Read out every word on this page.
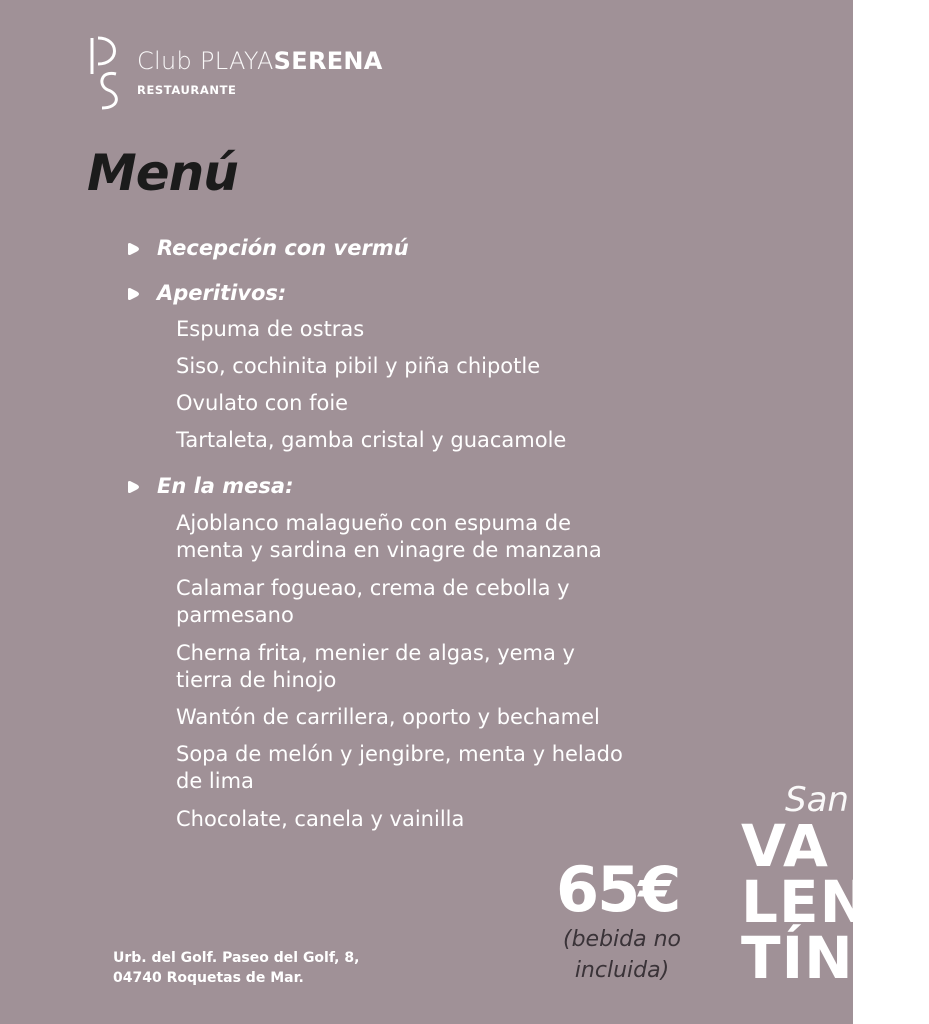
Club PLAYASERENA
RESTAURANTE
Menú
Recepción con vermú
Aperitivos:
Espuma de ostras
Siso, cochinita pibil y piña chipotle
Ovulato con foie
Tartaleta, gamba cristal y guacamole
En la mesa:
Ajoblanco malagueño con espuma de menta y sardina en vinagre de manzana
Calamar fogueao, crema de cebolla y parmesano
Cherna frita, menier de algas, yema y tierra de hinojo
Wantón de carrillera, oporto y bechamel
Sopa de melón y jengibre, menta y helado de lima
Chocolate, canela y vainilla
65€
(bebida no incluida)
Urb. del Golf. Paseo del Golf, 8,
04740 Roquetas de Mar.
San
VA
LEN
TÍN
